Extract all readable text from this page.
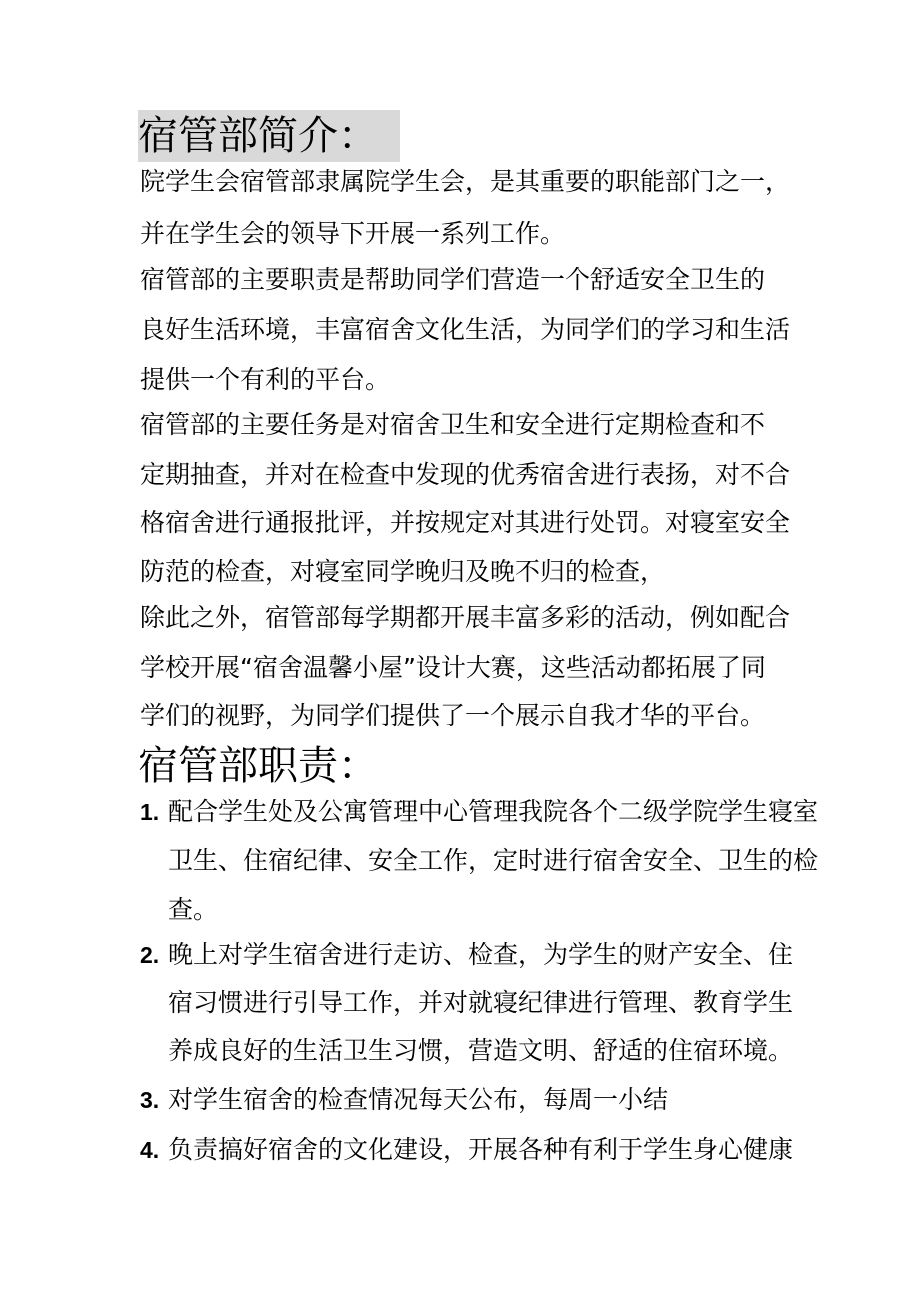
宿管部简介：
院学生会宿管部隶属院学生会，是其重要的职能部门之一，
并在学生会的领导下开展一系列工作。
宿管部的主要职责是帮助同学们营造一个舒适安全卫生的
良好生活环境，丰富宿舍文化生活，为同学们的学习和生活
提供一个有利的平台。
宿管部的主要任务是对宿舍卫生和安全进行定期检查和不
定期抽查，并对在检查中发现的优秀宿舍进行表扬，对不合
格宿舍进行通报批评，并按规定对其进行处罚。对寝室安全
防范的检查，对寝室同学晚归及晚不归的检查，
除此之外，宿管部每学期都开展丰富多彩的活动，例如配合
学校开展“宿舍温馨小屋”设计大赛，这些活动都拓展了同
学们的视野，为同学们提供了一个展示自我才华的平台。
宿管部职责：
1. 配合学生处及公寓管理中心管理我院各个二级学院学生寝室
卫生、住宿纪律、安全工作，定时进行宿舍安全、卫生的检
查。
2. 晚上对学生宿舍进行走访、检查，为学生的财产安全、住
宿习惯进行引导工作，并对就寝纪律进行管理、教育学生
养成良好的生活卫生习惯，营造文明、舒适的住宿环境。
3. 对学生宿舍的检查情况每天公布，每周一小结
4. 负责搞好宿舍的文化建设，开展各种有利于学生身心健康
